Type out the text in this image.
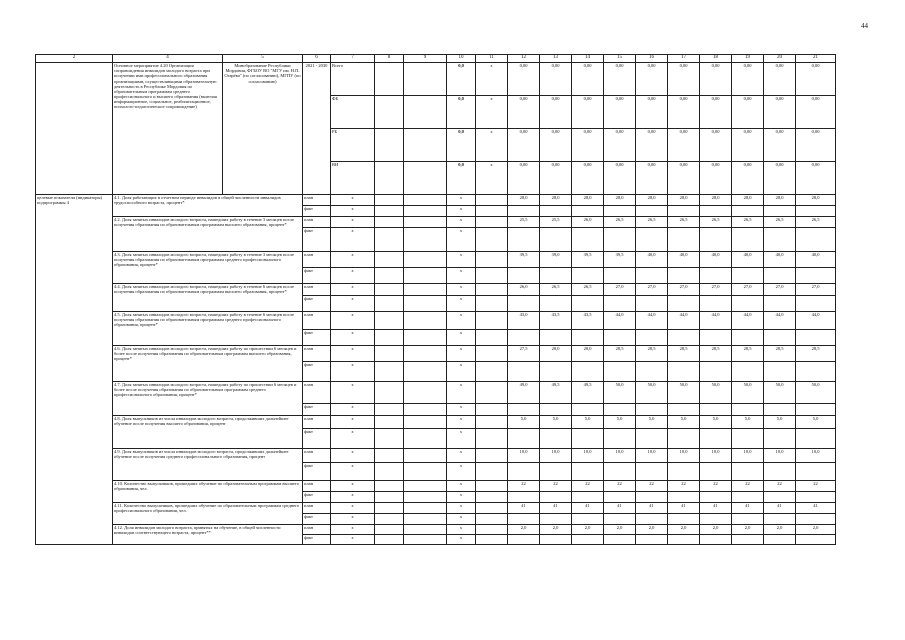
44
2	4	5	6	7	8	9	10	11	12	13	14	15	16	17	18	19	20	21
	Основное мероприятие 4.20 Организация сопровождения инвалидов молодого возраста при получении ими профессионального образования организациями, осуществляющими образовательную деятельность в Республике Мордовия по образовательным программам среднего профессионального и высшего образования (включая информационное, социальное, реабилитационное, психолого-педагогическое сопровождение)	Минобразование Республики Мордовия, ФГБОУ ВО "МГУ им. Н.П. Огарёва" (по согласованию), МГПУ (по согласованию)	2021 - 2030	Всего			0,0	х	0,00	0,00	0,00	0,00	0,00	0,00	0,00	0,00	0,00	0,00
				ФБ			0,0	х	0,00	0,00	0,00	0,00	0,00	0,00	0,00	0,00	0,00	0,00
				РБ			0,0	х	0,00	0,00	0,00	0,00	0,00	0,00	0,00	0,00	0,00	0,00
				ВИ			0,0	х	0,00	0,00	0,00	0,00	0,00	0,00	0,00	0,00	0,00	0,00
целевые показатели (индикаторы) подпрограммы 4	4.1. Доля работающих в отчетном периоде инвалидов в общей численности инвалидов трудоспособного возраста, процент*		план	х			х		28,0	28,0	28,0	28,0	28,0	28,0	28,0	28,0	28,0	28,0
			факт	х			х											
	4.2. Доля занятых инвалидов молодого возраста, нашедших работу в течение 3 месяцев после получения образования по образовательным программам высшего образования, процент*		план	х			х		25,5	25,5	26,0	26,5	26,5	26,5	26,5	26,5	26,5	26,5
			факт	х			х											
	4.3. Доля занятых инвалидов молодого возраста, нашедших работу в течение 3 месяцев после получения образования по образовательным программам среднего профессионального образования, процент*		план	х			х		39,5	39,0	39,5	39,5	40,0	40,0	40,0	40,0	40,0	40,0
			факт	х			х											
	4.4. Доля занятых инвалидов молодого возраста, нашедших работу в течение 6 месяцев после получения образования по образовательным программам высшего образования, процент*		план	х			х		26,0	26,5	26,5	27,0	27,0	27,0	27,0	27,0	27,0	27,0
			факт	х			х											
	4.5. Доля занятых инвалидов молодого возраста, нашедших работу в течение 6 месяцев после получения образования по образовательным программам среднего профессионального образования, процент*		план	х			х		43,0	43,5	43,5	44,0	44,0	44,0	44,0	44,0	44,0	44,0
			факт	х			х											
	4.6. Доля занятых инвалидов молодого возраста, нашедших работу по прошествии 6 месяцев и более после получения образования по образовательным программам высшего образования, процент*		план	х			х		27,5	28,0	28,0	28,5	28,5	28,5	28,5	28,5	28,5	28,5
			факт	х			х											
	4.7. Доля занятых инвалидов молодого возраста, нашедших работу по прошествии 6 месяцев и более после получения образования по образовательным программам среднего профессионального образования, процент*		план	х			х		49,0	49,5	49,5	50,0	50,0	50,0	50,0	50,0	50,0	50,0
			факт	х			х											
	4.8. Доля выпускников из числа инвалидов молодого возраста, продолживших дальнейшее обучение после получения высшего образования, процент		план	х			х		5,0	5,0	5,0	5,0	5,0	5,0	5,0	5,0	5,0	5,0
			факт	х			х											
	4.9. Доля выпускников из числа инвалидов молодого возраста, продолживших дальнейшее обучение после получения среднего профессионального образования, процент		план	х			х		10,0	10,0	10,0	10,0	10,0	10,0	10,0	10,0	10,0	10,0
			факт	х			х											
	4.10. Количество выпускников, прошедших обучение по образовательным программам высшего образования, чел.		план	х			х		22	22	22	22	22	22	22	22	22	22
			факт	х			х											
	4.11. Количество выпускников, прошедших обучение по образовательным программам среднего профессионального образования, чел.		план	х			х		41	41	41	41	41	41	41	41	41	41
			факт	х			х											
	4.12. Доля инвалидов молодого возраста, принятых на обучение, в общей численности инвалидов соответствующего возраста, процент**		план	х			х		2,0	2,0	2,0	2,0	2,0	2,0	2,0	2,0	2,0	2,0
			факт	х			х											
